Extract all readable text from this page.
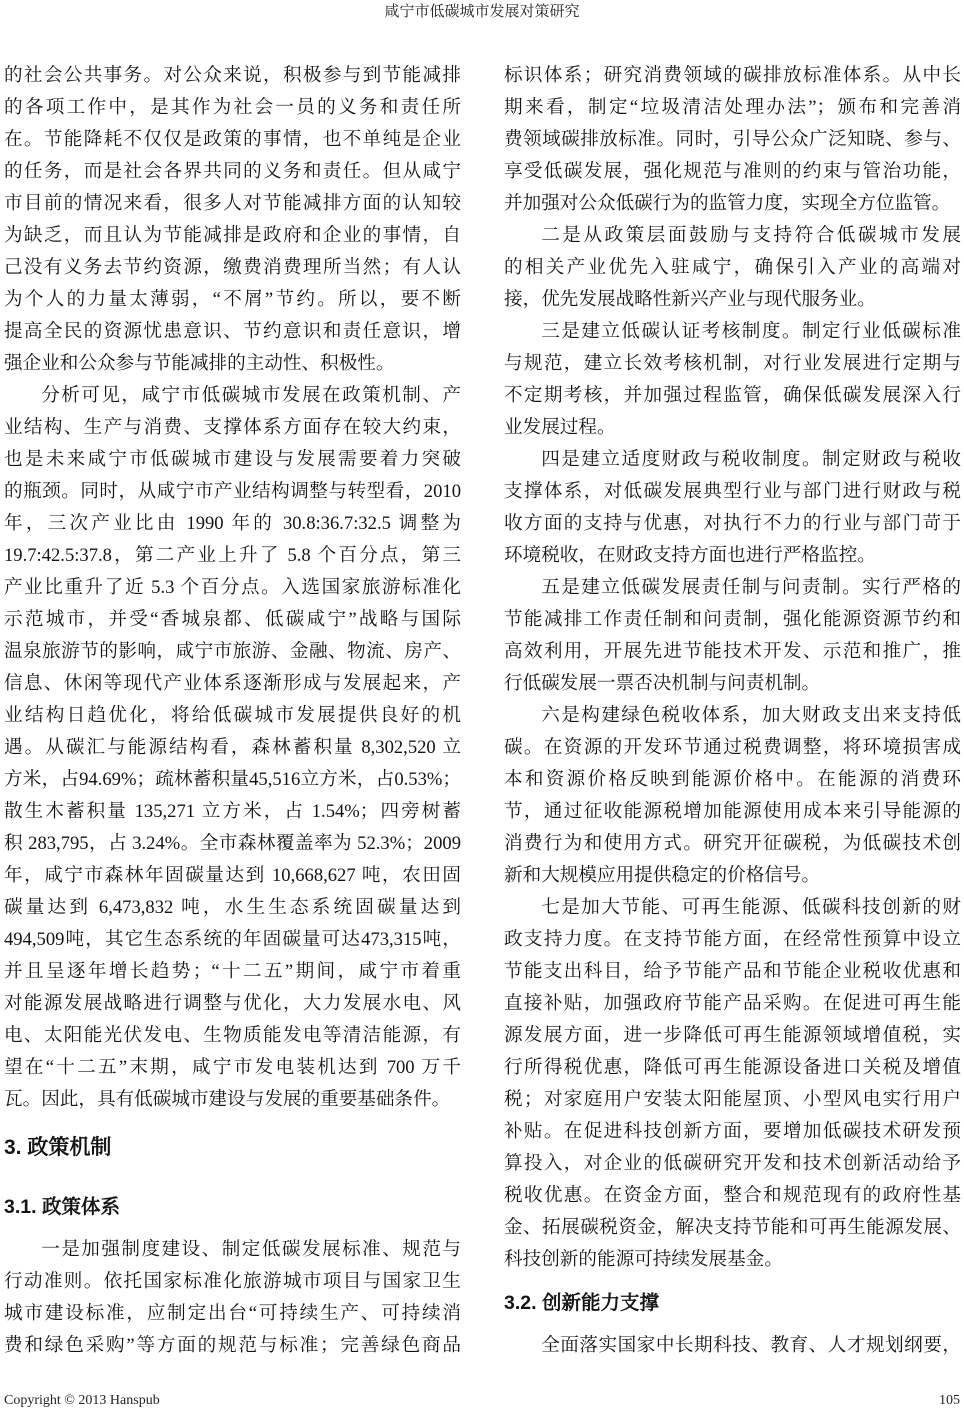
咸宁市低碳城市发展对策研究
的社会公共事务。对公众来说，积极参与到节能减排
的各项工作中，是其作为社会一员的义务和责任所
在。节能降耗不仅仅是政策的事情，也不单纯是企业
的任务，而是社会各界共同的义务和责任。但从咸宁
市目前的情况来看，很多人对节能减排方面的认知较
为缺乏，而且认为节能减排是政府和企业的事情，自
己没有义务去节约资源，缴费消费理所当然；有人认
为个人的力量太薄弱，“不屑”节约。所以，要不断
提高全民的资源忧患意识、节约意识和责任意识，增
强企业和公众参与节能减排的主动性、积极性。
分析可见，咸宁市低碳城市发展在政策机制、产
业结构、生产与消费、支撑体系方面存在较大约束，
也是未来咸宁市低碳城市建设与发展需要着力突破
的瓶颈。同时，从咸宁市产业结构调整与转型看，2010
年，三次产业比由 1990 年的 30.8:36.7:32.5 调整为
19.7:42.5:37.8，第二产业上升了 5.8 个百分点，第三
产业比重升了近 5.3 个百分点。入选国家旅游标准化
示范城市，并受“香城泉都、低碳咸宁”战略与国际
温泉旅游节的影响，咸宁市旅游、金融、物流、房产、
信息、休闲等现代产业体系逐渐形成与发展起来，产
业结构日趋优化，将给低碳城市发展提供良好的机
遇。从碳汇与能源结构看，森林蓄积量 8,302,520 立
方米，占94.69%；疏林蓄积量45,516立方米，占0.53%；
散生木蓄积量 135,271 立方米，占 1.54%；四旁树蓄
积 283,795，占 3.24%。全市森林覆盖率为 52.3%；2009
年，咸宁市森林年固碳量达到 10,668,627 吨，农田固
碳量达到 6,473,832 吨，水生生态系统固碳量达到
494,509吨，其它生态系统的年固碳量可达473,315吨，
并且呈逐年增长趋势；“十二五”期间，咸宁市着重
对能源发展战略进行调整与优化，大力发展水电、风
电、太阳能光伏发电、生物质能发电等清洁能源，有
望在“十二五”末期，咸宁市发电装机达到 700 万千
瓦。因此，具有低碳城市建设与发展的重要基础条件。
3. 政策机制
3.1. 政策体系
一是加强制度建设、制定低碳发展标准、规范与
行动准则。依托国家标准化旅游城市项目与国家卫生
城市建设标准，应制定出台“可持续生产、可持续消
费和绿色采购”等方面的规范与标准；完善绿色商品
标识体系；研究消费领域的碳排放标准体系。从中长
期来看，制定“垃圾清洁处理办法”；颁布和完善消
费领域碳排放标准。同时，引导公众广泛知晓、参与、
享受低碳发展，强化规范与准则的约束与管治功能，
并加强对公众低碳行为的监管力度，实现全方位监管。
二是从政策层面鼓励与支持符合低碳城市发展
的相关产业优先入驻咸宁，确保引入产业的高端对
接，优先发展战略性新兴产业与现代服务业。
三是建立低碳认证考核制度。制定行业低碳标准
与规范，建立长效考核机制，对行业发展进行定期与
不定期考核，并加强过程监管，确保低碳发展深入行
业发展过程。
四是建立适度财政与税收制度。制定财政与税收
支撑体系，对低碳发展典型行业与部门进行财政与税
收方面的支持与优惠，对执行不力的行业与部门苛于
环境税收，在财政支持方面也进行严格监控。
五是建立低碳发展责任制与问责制。实行严格的
节能减排工作责任制和问责制，强化能源资源节约和
高效利用，开展先进节能技术开发、示范和推广，推
行低碳发展一票否决机制与问责机制。
六是构建绿色税收体系，加大财政支出来支持低
碳。在资源的开发环节通过税费调整，将环境损害成
本和资源价格反映到能源价格中。在能源的消费环
节，通过征收能源税增加能源使用成本来引导能源的
消费行为和使用方式。研究开征碳税，为低碳技术创
新和大规模应用提供稳定的价格信号。
七是加大节能、可再生能源、低碳科技创新的财
政支持力度。在支持节能方面，在经常性预算中设立
节能支出科目，给予节能产品和节能企业税收优惠和
直接补贴，加强政府节能产品采购。在促进可再生能
源发展方面，进一步降低可再生能源领域增值税，实
行所得税优惠，降低可再生能源设备进口关税及增值
税；对家庭用户安装太阳能屋顶、小型风电实行用户
补贴。在促进科技创新方面，要增加低碳技术研发预
算投入，对企业的低碳研究开发和技术创新活动给予
税收优惠。在资金方面，整合和规范现有的政府性基
金、拓展碳税资金，解决支持节能和可再生能源发展、
科技创新的能源可持续发展基金。
3.2. 创新能力支撑
全面落实国家中长期科技、教育、人才规划纲要，
Copyright © 2013 Hanspub	105
